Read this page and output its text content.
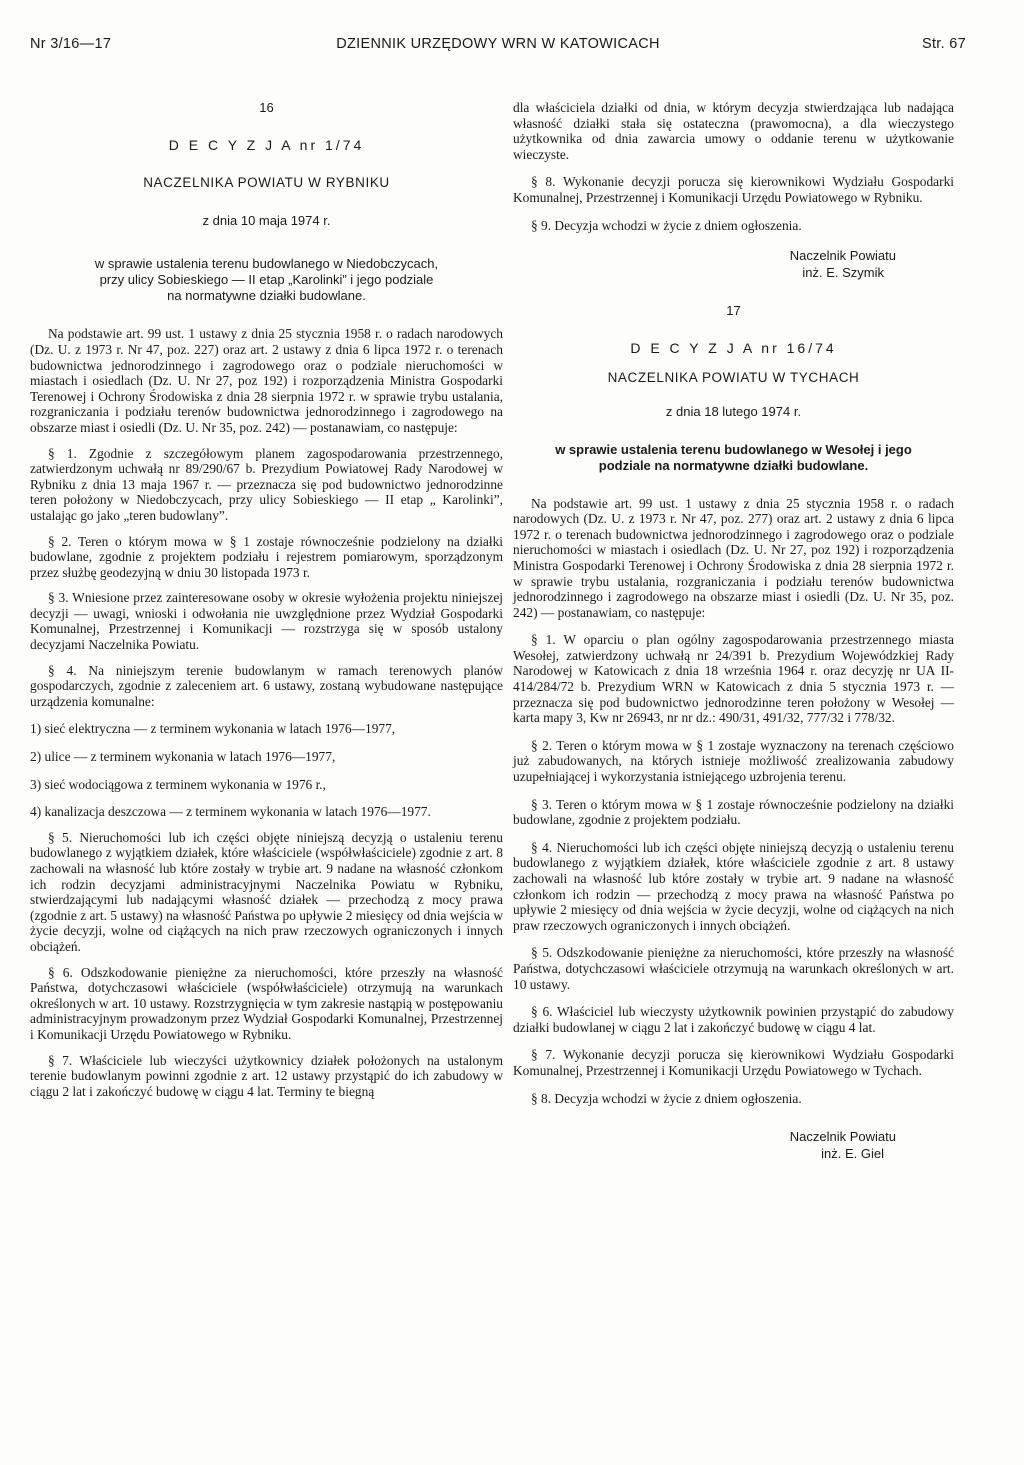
Nr 3/16—17	DZIENNIK URZĘDOWY WRN W KATOWICACH	Str. 67
16
D E C Y Z J A nr 1/74
NACZELNIKA POWIATU W RYBNIKU
z dnia 10 maja 1974 r.
w sprawie ustalenia terenu budowlanego w Niedobczycach,
przy ulicy Sobieskiego — II etap „Karolinki” i jego podziale
na normatywne działki budowlane.

Na podstawie art. 99 ust. 1 ustawy z dnia 25 stycznia 1958 r. o radach narodowych (Dz. U. z 1973 r. Nr 47, poz. 227) oraz art. 2 ustawy z dnia 6 lipca 1972 r. o terenach budownictwa jednorodzinnego i zagrodowego oraz o podziale nieruchomości w miastach i osiedlach (Dz. U. Nr 27, poz 192) i rozporządzenia Ministra Gospodarki Terenowej i Ochrony Środowiska z dnia 28 sierpnia 1972 r. w sprawie trybu ustalania, rozgraniczania i podziału terenów budownictwa jednorodzinnego i zagrodowego na obszarze miast i osiedli (Dz. U. Nr 35, poz. 242) — postanawiam, co następuje:

§ 1. Zgodnie z szczegółowym planem zagospodarowania przestrzennego, zatwierdzonym uchwałą nr 89/290/67 b. Prezydium Powiatowej Rady Narodowej w Rybniku z dnia 13 maja 1967 r. — przeznacza się pod budownictwo jednorodzinne teren położony w Niedobczycach, przy ulicy Sobieskiego — II etap „ Karolinki”, ustalając go jako „teren budowlany”.

§ 2. Teren o którym mowa w § 1 zostaje równocześnie podzielony na działki budowlane, zgodnie z projektem podziału i rejestrem pomiarowym, sporządzonym przez służbę geodezyjną w dniu 30 listopada 1973 r.

§ 3. Wniesione przez zainteresowane osoby w okresie wyłożenia projektu niniejszej decyzji — uwagi, wnioski i odwołania nie uwzględnione przez Wydział Gospodarki Komunalnej, Przestrzennej i Komunikacji — rozstrzyga się w sposób ustalony decyzjami Naczelnika Powiatu.

§ 4. Na niniejszym terenie budowlanym w ramach terenowych planów gospodarczych, zgodnie z zaleceniem art. 6 ustawy, zostaną wybudowane następujące urządzenia komunalne:

1) sieć elektryczna — z terminem wykonania w latach 1976—1977,

2) ulice — z terminem wykonania w latach 1976—1977,

3) sieć wodociągowa z terminem wykonania w 1976 r.,

4) kanalizacja deszczowa — z terminem wykonania w latach 1976—1977.

§ 5. Nieruchomości lub ich części objęte niniejszą decyzją o ustaleniu terenu budowlanego z wyjątkiem działek, które właściciele (współwłaściciele) zgodnie z art. 8 zachowali na własność lub które zostały w trybie art. 9 nadane na własność członkom ich rodzin decyzjami administracyjnymi Naczelnika Powiatu w Rybniku, stwierdzającymi lub nadającymi własność działek — przechodzą z mocy prawa (zgodnie z art. 5 ustawy) na własność Państwa po upływie 2 miesięcy od dnia wejścia w życie decyzji, wolne od ciążących na nich praw rzeczowych ograniczonych i innych obciążeń.

§ 6. Odszkodowanie pieniężne za nieruchomości, które przeszły na własność Państwa, dotychczasowi właściciele (współwłaściciele) otrzymują na warunkach określonych w art. 10 ustawy. Rozstrzygnięcia w tym zakresie nastąpią w postępowaniu administracyjnym prowadzonym przez Wydział Gospodarki Komunalnej, Przestrzennej i Komunikacji Urzędu Powiatowego w Rybniku.

§ 7. Właściciele lub wieczyści użytkownicy działek położonych na ustalonym terenie budowlanym powinni zgodnie z art. 12 ustawy przystąpić do ich zabudowy w ciągu 2 lat i zakończyć budowę w ciągu 4 lat. Terminy te biegną

dla właściciela działki od dnia, w którym decyzja stwierdzająca lub nadająca własność działki stała się ostateczna (prawomocna), a dla wieczystego użytkownika od dnia zawarcia umowy o oddanie terenu w użytkowanie wieczyste.

§ 8. Wykonanie decyzji porucza się kierownikowi Wydziału Gospodarki Komunalnej, Przestrzennej i Komunikacji Urzędu Powiatowego w Rybniku.

§ 9. Decyzja wchodzi w życie z dniem ogłoszenia.

Naczelnik Powiatu
inż. E. Szymik
17
D E C Y Z J A nr 16/74
NACZELNIKA POWIATU W TYCHACH
z dnia 18 lutego 1974 r.
w sprawie ustalenia terenu budowlanego w Wesołej i jego
podziale na normatywne działki budowlane.

Na podstawie art. 99 ust. 1 ustawy z dnia 25 stycznia 1958 r. o radach narodowych (Dz. U. z 1973 r. Nr 47, poz. 277) oraz art. 2 ustawy z dnia 6 lipca 1972 r. o terenach budownictwa jednorodzinnego i zagrodowego oraz o podziale nieruchomości w miastach i osiedlach (Dz. U. Nr 27, poz 192) i rozporządzenia Ministra Gospodarki Terenowej i Ochrony Środowiska z dnia 28 sierpnia 1972 r. w sprawie trybu ustalania, rozgraniczania i podziału terenów budownictwa jednorodzinnego i zagrodowego na obszarze miast i osiedli (Dz. U. Nr 35, poz. 242) — postanawiam, co następuje:

§ 1. W oparciu o plan ogólny zagospodarowania przestrzennego miasta Wesołej, zatwierdzony uchwałą nr 24/391 b. Prezydium Wojewódzkiej Rady Narodowej w Katowicach z dnia 18 września 1964 r. oraz decyzję nr UA II-414/284/72 b. Prezydium WRN w Katowicach z dnia 5 stycznia 1973 r. — przeznacza się pod budownictwo jednorodzinne teren położony w Wesołej — karta mapy 3, Kw nr 26943, nr nr dz.: 490/31, 491/32, 777/32 i 778/32.

§ 2. Teren o którym mowa w § 1 zostaje wyznaczony na terenach częściowo już zabudowanych, na których istnieje możliwość zrealizowania zabudowy uzupełniającej i wykorzystania istniejącego uzbrojenia terenu.

§ 3. Teren o którym mowa w § 1 zostaje równocześnie podzielony na działki budowlane, zgodnie z projektem podziału.

§ 4. Nieruchomości lub ich części objęte niniejszą decyzją o ustaleniu terenu budowlanego z wyjątkiem działek, które właściciele zgodnie z art. 8 ustawy zachowali na własność lub które zostały w trybie art. 9 nadane na własność członkom ich rodzin — przechodzą z mocy prawa na własność Państwa po upływie 2 miesięcy od dnia wejścia w życie decyzji, wolne od ciążących na nich praw rzeczowych ograniczonych i innych obciążeń.

§ 5. Odszkodowanie pieniężne za nieruchomości, które przeszły na własność Państwa, dotychczasowi właściciele otrzymują na warunkach określonych w art. 10 ustawy.

§ 6. Właściciel lub wieczysty użytkownik powinien przystąpić do zabudowy działki budowlanej w ciągu 2 lat i zakończyć budowę w ciągu 4 lat.

§ 7. Wykonanie decyzji porucza się kierownikowi Wydziału Gospodarki Komunalnej, Przestrzennej i Komunikacji Urzędu Powiatowego w Tychach.

§ 8. Decyzja wchodzi w życie z dniem ogłoszenia.

Naczelnik Powiatu
inż. E. Giel
